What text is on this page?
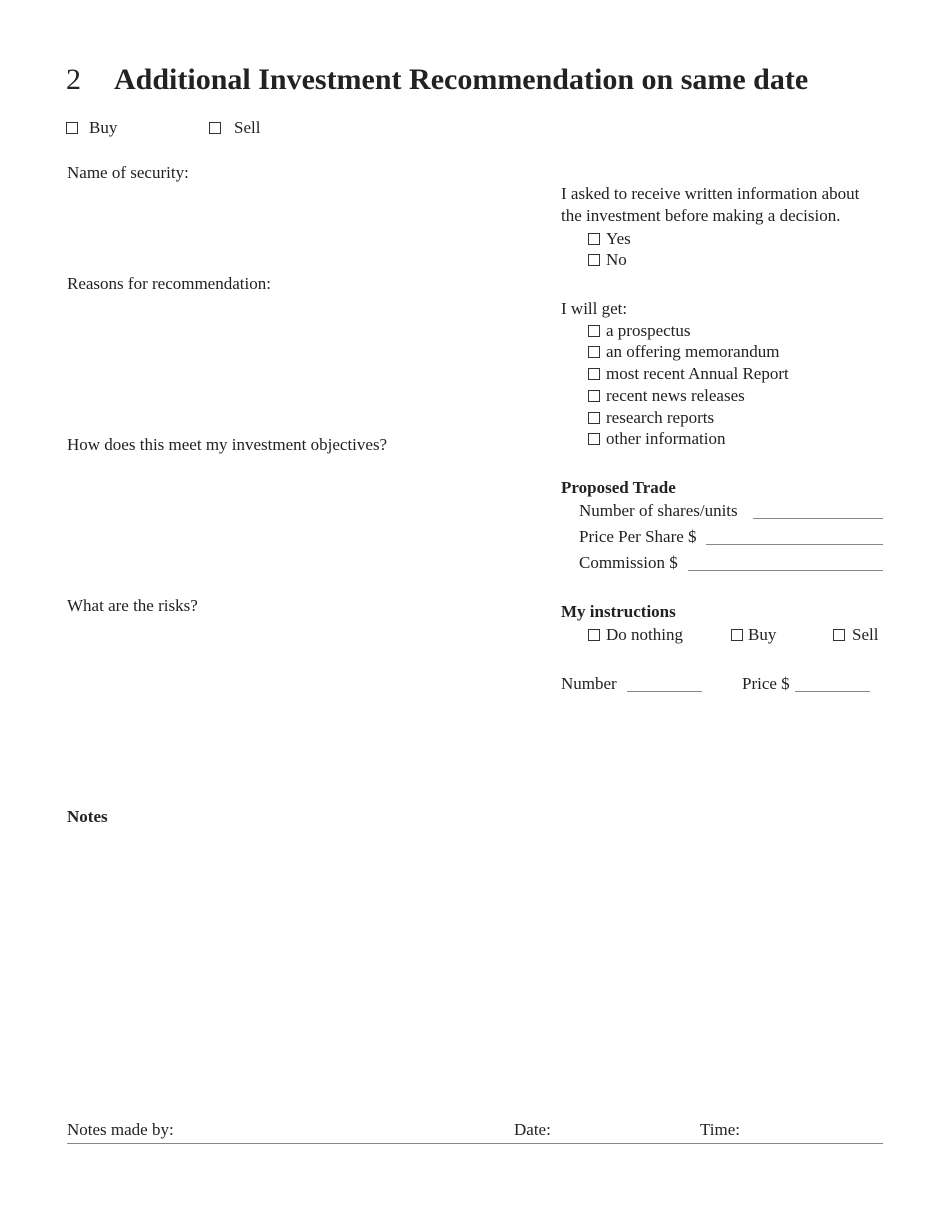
2 Additional Investment Recommendation on same date
Buy	Sell
Name of security:
Reasons for recommendation:
How does this meet my investment objectives?
What are the risks?
Notes
I asked to receive written information about
the investment before making a decision.
Yes
No
I will get:
a prospectus
an offering memorandum
most recent Annual Report
recent news releases
research reports
other information
Proposed Trade
Number of shares/units
Price Per Share $
Commission $
My instructions
Do nothing	Buy	Sell
Number	Price $
Notes made by:	Date:	Time:
